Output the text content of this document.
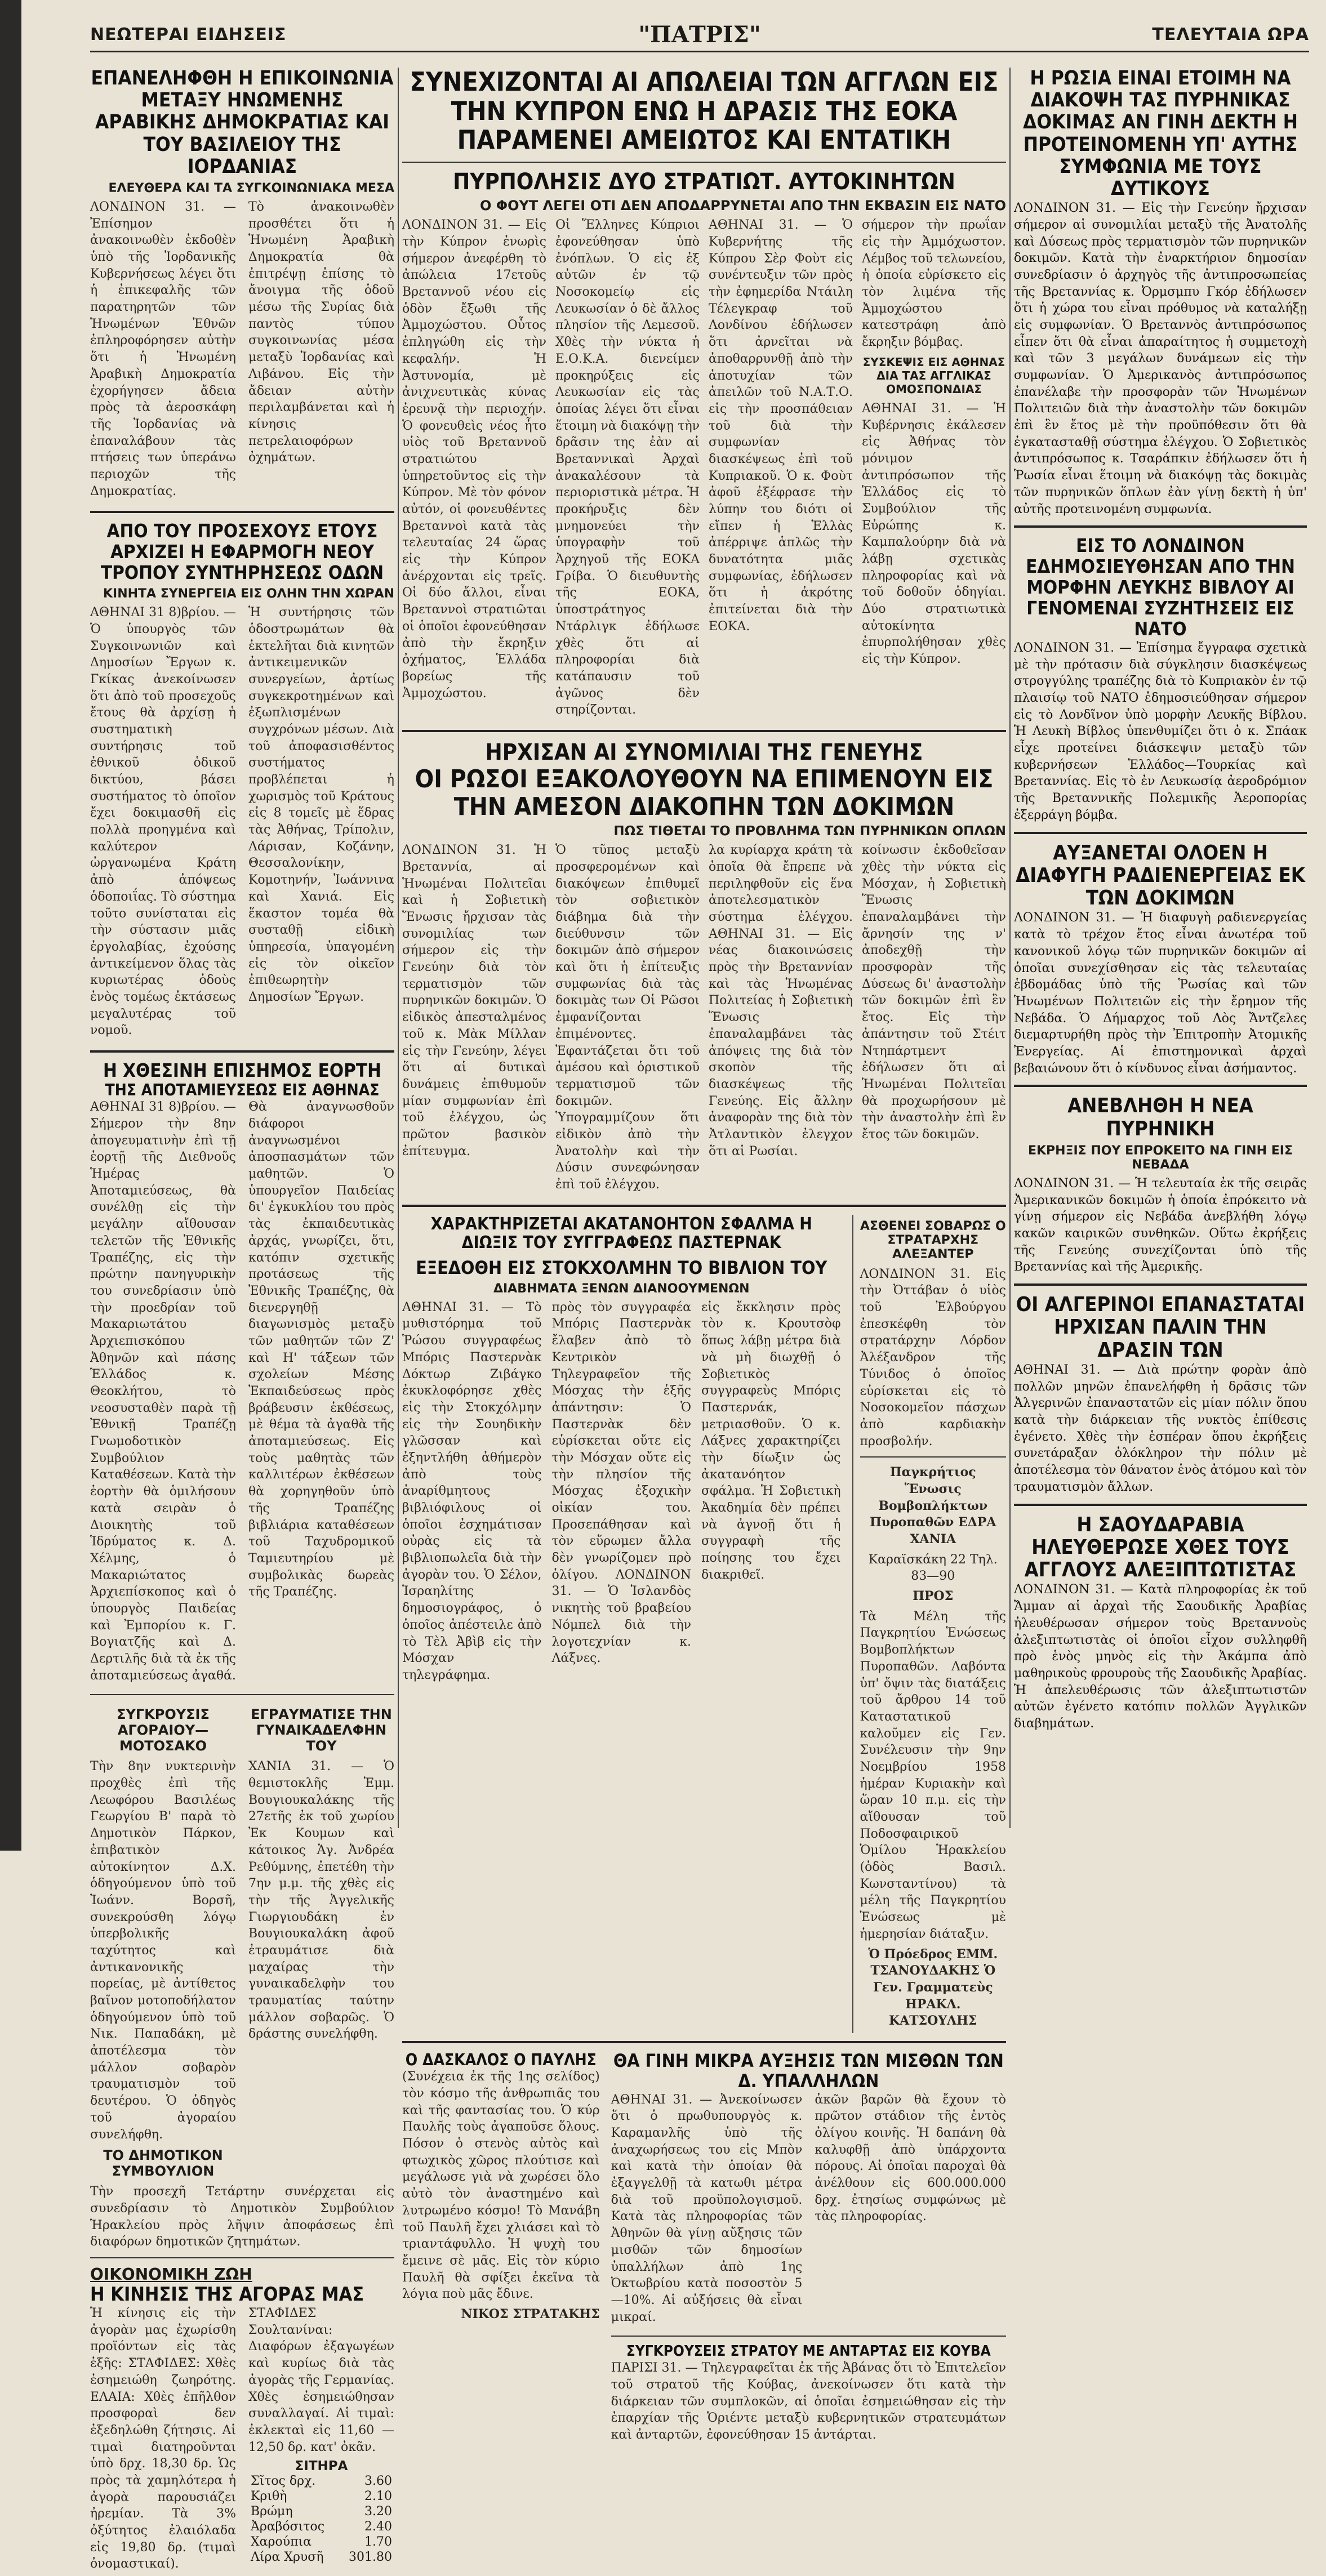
ΝΕΩΤΕΡΑΙ ΕΙΔΗΣΕΙΣ	"ΠΑΤΡΙΣ"	ΤΕΛΕΥΤΑΙΑ ΩΡΑ
ΕΠΑΝΕΛΗΦΘΗ Η ΕΠΙΚΟΙΝΩΝΙΑ ΜΕΤΑΞΥ ΗΝΩΜΕΝΗΣ ΑΡΑΒΙΚΗΣ ΔΗΜΟΚΡΑΤΙΑΣ ΚΑΙ ΤΟΥ ΒΑΣΙΛΕΙΟΥ ΤΗΣ ΙΟΡΔΑΝΙΑΣ
ΕΛΕΥΘΕΡΑ ΚΑΙ ΤΑ ΣΥΓΚΟΙΝΩΝΙΑΚΑ ΜΕΣΑ

ΛΟΝΔΙΝΟΝ 31. — Ἐπίσημον ἀνακοινωθὲν ἐκδοθὲν ὑπὸ τῆς Ἰορδανικῆς Κυβερνήσεως λέγει ὅτι ἡ ἐπικεφαλῆς τῶν παρατηρητῶν τῶν Ἡνωμένων Ἐθνῶν ἐπληροφόρησεν αὐτὴν ὅτι ἡ Ἡνωμένη Ἀραβικὴ Δημοκρατία ἐχορήγησεν ἄδεια πρὸς τὰ ἀεροσκάφη τῆς Ἰορδανίας νὰ ἐπαναλάβουν τὰς πτήσεις των ὑπεράνω περιοχῶν τῆς Δημοκρατίας.

Τὸ ἀνακοινωθὲν προσθέτει ὅτι ἡ Ἡνωμένη Ἀραβικὴ Δημοκρατία θὰ ἐπιτρέψῃ ἐπίσης τὸ ἄνοιγμα τῆς ὁδοῦ μέσω τῆς Συρίας διὰ παντὸς τύπου συγκοινωνίας μέσα μεταξὺ Ἰορδανίας καὶ Λιβάνου. Εἰς τὴν ἄδειαν αὐτὴν περιλαμβάνεται καὶ ἡ κίνησις πετρελαιοφόρων ὀχημάτων.

ΑΠΟ ΤΟΥ ΠΡΟΣΕΧΟΥΣ ΕΤΟΥΣ ΑΡΧΙΖΕΙ Η ΕΦΑΡΜΟΓΗ ΝΕΟΥ ΤΡΟΠΟΥ ΣΥΝΤΗΡΗΣΕΩΣ ΟΔΩΝ
ΚΙΝΗΤΑ ΣΥΝΕΡΓΕΙΑ ΕΙΣ ΟΛΗΝ ΤΗΝ ΧΩΡΑΝ

ΑΘΗΝΑΙ 31 8)βρίου. — Ὁ ὑπουργὸς τῶν Συγκοινωνιῶν καὶ Δημοσίων Ἔργων κ. Γκίκας ἀνεκοίνωσεν ὅτι ἀπὸ τοῦ προσεχοῦς ἔτους θὰ ἀρχίσῃ ἡ συστηματικὴ συντήρησις τοῦ ἐθνικοῦ ὁδικοῦ δικτύου, βάσει συστήματος τὸ ὁποῖον ἔχει δοκιμασθῆ εἰς πολλὰ προηγμένα καὶ καλύτερον ὠργανωμένα Κράτη ἀπὸ ἀπόψεως ὁδοποιΐας. Τὸ σύστημα τοῦτο συνίσταται εἰς τὴν σύστασιν μιᾶς ἐργολαβίας, ἐχούσης ἀντικείμενον ὅλας τὰς κυριωτέρας ὁδοὺς ἑνὸς τομέως ἐκτάσεως μεγαλυτέρας τοῦ νομοῦ.

Ἡ συντήρησις τῶν ὁδοστρωμάτων θὰ ἐκτελῆται διὰ κινητῶν ἀντικειμενικῶν συνεργείων, ἀρτίως συγκεκροτημένων καὶ ἐξωπλισμένων συγχρόνων μέσων. Διὰ τοῦ ἀποφασισθέντος συστήματος προβλέπεται ἡ χωρισμὸς τοῦ Κράτους εἰς 8 τομεῖς μὲ ἕδρας τὰς Ἀθήνας, Τρίπολιν, Λάρισαν, Κοζάνην, Θεσσαλονίκην, Κομοτηνήν, Ἰωάννινα καὶ Χανιά. Εἰς ἕκαστον τομέα θὰ συσταθῇ εἰδικὴ ὑπηρεσία, ὑπαγομένη εἰς τὸν οἰκεῖον ἐπιθεωρητὴν Δημοσίων Ἔργων.

Η ΧΘΕΣΙΝΗ ΕΠΙΣΗΜΟΣ ΕΟΡΤΗ
ΤΗΣ ΑΠΟΤΑΜΙΕΥΣΕΩΣ ΕΙΣ ΑΘΗΝΑΣ

ΑΘΗΝΑΙ 31 8)βρίου. — Σήμερον τὴν 8ην ἀπογευματινὴν ἐπὶ τῇ ἑορτῇ τῆς Διεθνοῦς Ἡμέρας Ἀποταμιεύσεως, θὰ συνέλθῃ εἰς τὴν μεγάλην αἴθουσαν τελετῶν τῆς Ἐθνικῆς Τραπέζης, εἰς τὴν πρώτην πανηγυρικὴν του συνεδρίασιν ὑπὸ τὴν προεδρίαν τοῦ Μακαριωτάτου Ἀρχιεπισκόπου Ἀθηνῶν καὶ πάσης Ἑλλάδος κ. Θεοκλήτου, τὸ νεοσυσταθὲν παρὰ τῇ Ἐθνικῇ Τραπέζῃ Γνωμοδοτικὸν Συμβούλιον Καταθέσεων. Κατὰ τὴν ἑορτὴν θὰ ὁμιλήσουν κατὰ σειρὰν ὁ Διοικητὴς τοῦ Ἱδρύματος κ. Δ. Χέλμης, ὁ Μακαριώτατος Ἀρχιεπίσκοπος καὶ ὁ ὑπουργὸς Παιδείας καὶ Ἐμπορίου κ. Γ. Βογιατζῆς καὶ Δ. Δερτιλῆς διὰ τὰ ἐκ τῆς ἀποταμιεύσεως ἀγαθά.

Θὰ ἀναγνωσθοῦν διάφοροι ἀναγνωσμένοι ἀποσπασμάτων τῶν μαθητῶν. Ὁ ὑπουργεῖον Παιδείας δι' ἐγκυκλίου του πρὸς τὰς ἐκπαιδευτικὰς ἀρχάς, γνωρίζει, ὅτι, κατόπιν σχετικῆς προτάσεως τῆς Ἐθνικῆς Τραπέζης, θὰ διενεργηθῇ διαγωνισμὸς μεταξὺ τῶν μαθητῶν τῶν Ζ' καὶ Η' τάξεων τῶν σχολείων Μέσης Ἐκπαιδεύσεως πρὸς βράβευσιν ἐκθέσεως, μὲ θέμα τὰ ἀγαθὰ τῆς ἀποταμιεύσεως. Εἰς τοὺς μαθητὰς τῶν καλλιτέρων ἐκθέσεων θὰ χορηγηθοῦν ὑπὸ τῆς Τραπέζης βιβλιάρια καταθέσεων τοῦ Ταχυδρομικοῦ Ταμιευτηρίου μὲ συμβολικὰς δωρεὰς τῆς Τραπέζης.

ΣΥΓΚΡΟΥΣΙΣ ΑΓΟΡΑΙΟΥ—ΜΟΤΟΣΑΚΟ

Τὴν 8ην νυκτερινὴν προχθὲς ἐπὶ τῆς Λεωφόρου Βασιλέως Γεωργίου Β' παρὰ τὸ Δημοτικὸν Πάρκον, ἐπιβατικὸν αὐτοκίνητον Δ.Χ. ὁδηγούμενον ὑπὸ τοῦ Ἰωάνν. Βορσῆ, συνεκρούσθη λόγῳ ὑπερβολικῆς ταχύτητος καὶ ἀντικανονικῆς πορείας, μὲ ἀντίθετος βαῖνον μοτοποδήλατον ὁδηγούμενον ὑπὸ τοῦ Νικ. Παπαδάκη, μὲ ἀποτέλεσμα τὸν μάλλον σοβαρὸν τραυματισμὸν τοῦ δευτέρου. Ὁ ὁδηγὸς τοῦ ἀγοραίου συνελήφθη.

ΤΟ ΔΗΜΟΤΙΚΟΝ ΣΥΜΒΟΥΛΙΟΝ
ΕΓΡΑΥΜΑΤΙΣΕ ΤΗΝ ΓΥΝΑΙΚΑΔΕΛΦΗΝ ΤΟΥ

ΧΑΝΙΑ 31. — Ὁ θεμιστοκλῆς Ἐμμ. Βουγιουκαλάκης τῆς 27ετῆς ἐκ τοῦ χωρίου Ἐκ Κουμων καὶ κάτοικος Ἁγ. Ἀνδρέα Ρεθύμνης, ἐπετέθη τὴν 7ην μ.μ. τῆς χθὲς εἰς τὴν τῆς Ἀγγελικῆς Γιωργιουδάκη ἐν Βουγιουκαλάκη ἀφοῦ ἐτραυμάτισε διὰ μαχαίρας τὴν γυναικαδελφὴν του τραυματίας ταύτην μάλλον σοβαρῶς. Ὁ δράστης συνελήφθη.

Τὴν προσεχῆ Τετάρτην συνέρχεται εἰς συνεδρίασιν τὸ Δημοτικὸν Συμβούλιον Ἡρακλείου πρὸς λῆψιν ἀποφάσεως ἐπὶ διαφόρων δημοτικῶν ζητημάτων.

ΟΙΚΟΝΟΜΙΚΗ ΖΩΗ
Η ΚΙΝΗΣΙΣ ΤΗΣ ΑΓΟΡΑΣ ΜΑΣ

Ἡ κίνησις εἰς τὴν ἀγορὰν μας ἐχωρίσθη προϊόντων εἰς τὰς ἑξῆς: ΣΤΑΦΙΔΕΣ: Χθὲς ἐσημειώθη ζωηρότης. ΕΛΑΙΑ: Χθὲς ἐπῆλθον προσφοραὶ δεν ἐξεδηλώθη ζήτησις. Αἱ τιμαὶ διατηροῦνται ὑπὸ δρχ. 18,30 δρ. Ὡς πρὸς τὰ χαμηλότερα ἡ ἀγορὰ παρουσιάζει ἠρεμίαν. Τὰ 3% ὀξύτητος ἐλαιόλαδα εἰς 19,80 δρ. (τιμαὶ ὀνομαστικαί).

ΣΤΑΦΙΔΕΣ Σουλτανίναι: Διαφόρων ἐξαγωγέων καὶ κυρίως διὰ τὰς ἀγορὰς τῆς Γερμανίας. Χθὲς ἐσημειώθησαν συναλλαγαί. Αἱ τιμαὶ: ἐκλεκταὶ εἰς 11,60 — 12,50 δρ. κατ' ὀκᾶν.

ΣΙΤΗΡΑ
Σῖτος δρχ.	3.60
Κριθὴ	2.10
Βρώμη	3.20
Ἀραβόσιτος	2.40
Χαρούπια	1.70
Λίρα Χρυσῆ	301.80
ΣΥΝΕΧΙΖΟΝΤΑΙ ΑΙ ΑΠΩΛΕΙΑΙ ΤΩΝ ΑΓΓΛΩΝ ΕΙΣ ΤΗΝ ΚΥΠΡΟΝ ΕΝΩ Η ΔΡΑΣΙΣ ΤΗΣ ΕΟΚΑ ΠΑΡΑΜΕΝΕΙ ΑΜΕΙΩΤΟΣ ΚΑΙ ΕΝΤΑΤΙΚΗ
ΠΥΡΠΟΛΗΣΙΣ ΔΥΟ ΣΤΡΑΤΙΩΤ. ΑΥΤΟΚΙΝΗΤΩΝ
Ο ΦΟΥΤ ΛΕΓΕΙ ΟΤΙ ΔΕΝ ΑΠΟΔΑΡΡΥΝΕΤΑΙ ΑΠΟ ΤΗΝ ΕΚΒΑΣΙΝ ΕΙΣ ΝΑΤΟ

ΛΟΝΔΙΝΟΝ 31. — Εἰς τὴν Κύπρον ἐνωρὶς σήμερον ἀνεφέρθη τὸ ἀπώλεια 17ετοῦς Βρεταννοῦ νέου εἰς ὁδὸν ἔξωθι τῆς Ἀμμοχώστου. Οὗτος ἐπληγώθη εἰς τὴν κεφαλήν. Ἡ Ἀστυνομία, μὲ ἀνιχνευτικὰς κύνας ἐρευνᾷ τὴν περιοχήν. Ὁ φονευθεὶς νέος ἦτο υἱὸς τοῦ Βρεταννοῦ στρατιώτου ὑπηρετοῦντος εἰς τὴν Κύπρον. Μὲ τὸν φόνον αὐτόν, οἱ φονευθέντες Βρεταννοὶ κατὰ τὰς τελευταίας 24 ὥρας εἰς τὴν Κύπρον ἀνέρχονται εἰς τρεῖς. Οἱ δύο ἄλλοι, εἶναι Βρεταννοὶ στρατιῶται οἱ ὁποῖοι ἐφονεύθησαν ἀπὸ τὴν ἔκρηξιν ὀχήματος, Ἑλλάδα βορείως τῆς Ἀμμοχώστου.

Οἱ Ἕλληνες Κύπριοι ἐφονεύθησαν ὑπὸ ἐνόπλων. Ὁ εἰς ἐξ αὐτῶν ἐν τῷ Νοσοκομείῳ εἰς Λευκωσίαν ὁ δὲ ἄλλος πλησίον τῆς Λεμεσοῦ. Χθὲς τὴν νύκτα ἡ Ε.Ο.Κ.Α. διενείμεν προκηρύξεις εἰς Λευκωσίαν εἰς τὰς ὁποίας λέγει ὅτι εἶναι ἕτοιμη νὰ διακόψῃ τὴν δρᾶσιν της ἐὰν αἱ Βρεταννικαὶ Ἀρχαὶ ἀνακαλέσουν τὰ περιοριστικὰ μέτρα. Ἡ προκήρυξις δὲν μνημονεύει τὴν ὑπογραφὴν τοῦ Ἀρχηγοῦ τῆς ΕΟΚΑ Γρίβα. Ὁ διευθυντὴς τῆς ΕΟΚΑ, ὑποστράτηγος Ντάρλιγκ ἐδήλωσε χθὲς ὅτι αἱ πληροφορίαι διὰ κατάπαυσιν τοῦ ἀγῶνος δὲν στηρίζονται.

ΑΘΗΝΑΙ 31. — Ὁ Κυβερνήτης τῆς Κύπρου Σὲρ Φοὺτ εἰς συνέντευξιν τῶν πρὸς τὴν ἐφημερίδα Ντάιλη Τέλεγκραφ τοῦ Λονδίνου ἐδήλωσεν ὅτι ἀρνεῖται νὰ ἀποθαρρυνθῇ ἀπὸ τὴν ἀποτυχίαν τῶν ἀπειλῶν τοῦ Ν.Α.Τ.Ο. εἰς τὴν προσπάθειαν τοῦ διὰ τὴν συμφωνίαν διασκέψεως ἐπὶ τοῦ Κυπριακοῦ. Ὁ κ. Φοὺτ ἀφοῦ ἐξέφρασε τὴν λύπην του διότι οἱ εἴπεν ἡ Ἑλλὰς ἀπέρριψε ἁπλῶς τὴν δυνατότητα μιᾶς συμφωνίας, ἐδήλωσεν ὅτι ἡ ἀκρότης ἐπιτείνεται διὰ τὴν ΕΟΚΑ.

σήμερον τὴν πρωΐαν εἰς τὴν Ἀμμόχωστον. Λέμβος τοῦ τελωνείου, ἡ ὁποία εὑρίσκετο εἰς τὸν λιμένα τῆς Ἀμμοχώστου κατεστράφη ἀπὸ ἔκρηξιν βόμβας.

ΣΥΣΚΕΨΙΣ ΕΙΣ ΑΘΗΝΑΣ ΔΙΑ ΤΑΣ ΑΓΓΛΙΚΑΣ ΟΜΟΣΠΟΝΔΙΑΣ

ΑΘΗΝΑΙ 31. — Ἡ Κυβέρνησις ἐκάλεσεν εἰς Ἀθήνας τὸν μόνιμον ἀντιπρόσωπον τῆς Ἑλλάδος εἰς τὸ Συμβούλιον τῆς Εὐρώπης κ. Καμπαλούρην διὰ νὰ λάβῃ σχετικὰς πληροφορίας καὶ νὰ τοῦ δοθοῦν ὁδηγίαι. Δύο στρατιωτικὰ αὐτοκίνητα ἐπυρπολήθησαν χθὲς εἰς τὴν Κύπρον.

ΗΡΧΙΣΑΝ ΑΙ ΣΥΝΟΜΙΛΙΑΙ ΤΗΣ ΓΕΝΕΥΗΣ
ΟΙ ΡΩΣΟΙ ΕΞΑΚΟΛΟΥΘΟΥΝ ΝΑ ΕΠΙΜΕΝΟΥΝ ΕΙΣ ΤΗΝ ΑΜΕΣΟΝ ΔΙΑΚΟΠΗΝ ΤΩΝ ΔΟΚΙΜΩΝ
ΠΩΣ ΤΙΘΕΤΑΙ ΤΟ ΠΡΟΒΛΗΜΑ ΤΩΝ ΠΥΡΗΝΙΚΩΝ ΟΠΛΩΝ

ΛΟΝΔΙΝΟΝ 31. Ἡ Βρεταννία, αἱ Ἡνωμέναι Πολιτεῖαι καὶ ἡ Σοβιετικὴ Ἕνωσις ἤρχισαν τὰς συνομιλίας των σήμερον εἰς τὴν Γενεύην διὰ τὸν τερματισμὸν τῶν πυρηνικῶν δοκιμῶν. Ὁ εἰδικὸς ἀπεσταλμένος τοῦ κ. Μὰκ Μίλλαν εἰς τὴν Γενεύην, λέγει ὅτι αἱ δυτικαὶ δυνάμεις ἐπιθυμοῦν μίαν συμφωνίαν ἐπὶ τοῦ ἐλέγχου, ὡς πρῶτον βασικὸν ἐπίτευγμα.

Ὁ τῦπος μεταξὺ προσφερομένων καὶ διακόψεων ἐπιθυμεῖ τὸν σοβιετικὸν διάβημα διὰ τὴν διεύθυνσιν τῶν δοκιμῶν ἀπὸ σήμερον καὶ ὅτι ἡ ἐπίτευξις συμφωνίας διὰ τὰς δοκιμὰς των Οἱ Ρῶσοι ἐμφανίζονται ἐπιμένοντες. Ἐφαντάζεται ὅτι τοῦ ἀμέσου καὶ ὁριστικοῦ τερματισμοῦ τῶν δοκιμῶν. Ὑπογραμμίζουν ὅτι εἰδικὸν ἀπὸ τὴν Ἀνατολὴν καὶ τὴν Δύσιν συνεφώνησαν ἐπὶ τοῦ ἐλέγχου.

λα κυρίαρχα κράτη τὰ ὁποῖα θὰ ἔπρεπε νὰ περιληφθοῦν εἰς ἕνα ἀποτελεσματικὸν σύστημα ἐλέγχου. ΑΘΗΝΑΙ 31. — Εἰς νέας διακοινώσεις πρὸς τὴν Βρεταννίαν καὶ τὰς Ἡνωμένας Πολιτείας ἡ Σοβιετικὴ Ἕνωσις ἐπαναλαμβάνει τὰς ἀπόψεις της διὰ τὸν σκοπὸν τῆς διασκέψεως τῆς Γενεύης. Εἰς ἄλλην ἀναφορὰν της διὰ τὸν Ἀτλαντικὸν ἐλεγχον ὅτι αἱ Ρωσίαι.

κοίνωσιν ἐκδοθεῖσαν χθὲς τὴν νύκτα εἰς Μόσχαν, ἡ Σοβιετικὴ Ἕνωσις ἐπαναλαμβάνει τὴν ἄρνησίν της ν' ἀποδεχθῇ τὴν προσφορὰν τῆς Δύσεως δι' ἀναστολὴν τῶν δοκιμῶν ἐπὶ ἓν ἔτος. Εἰς τὴν ἀπάντησιν τοῦ Στέιτ Ντηπάρτμεντ ἐδήλωσεν ὅτι αἱ Ἡνωμέναι Πολιτεῖαι θὰ προχωρήσουν μὲ τὴν ἀναστολὴν ἐπὶ ἓν ἔτος τῶν δοκιμῶν.

ΧΑΡΑΚΤΗΡΙΖΕΤΑΙ ΑΚΑΤΑΝΟΗΤΟΝ ΣΦΑΛΜΑ Η ΔΙΩΞΙΣ ΤΟΥ ΣΥΓΓΡΑΦΕΩΣ ΠΑΣΤΕΡΝΑΚ
ΕΞΕΔΟΘΗ ΕΙΣ ΣΤΟΚΧΟΛΜΗΝ ΤΟ ΒΙΒΛΙΟΝ ΤΟΥ
ΔΙΑΒΗΜΑΤΑ ΞΕΝΩΝ ΔΙΑΝΟΟΥΜΕΝΩΝ

ΑΘΗΝΑΙ 31. — Τὸ μυθιστόρημα τοῦ Ῥώσου συγγραφέως Μπόρις Παστερνὰκ Δόκτωρ Ζιβάγκο ἐκυκλοφόρησε χθὲς εἰς τὴν Στοκχόλμην εἰς τὴν Σουηδικὴν γλῶσσαν καὶ ἐξηντλήθη ἀθήμερὸν ἀπὸ τοὺς ἀναρίθμητους βιβλιόφιλους οἱ ὁποῖοι ἐσχημάτισαν οὐρὰς εἰς τὰ βιβλιοπωλεῖα διὰ τὴν ἀγορὰν του. Ὁ Σέλον, Ἱσραηλίτης δημοσιογράφος, ὁ ὁποῖος ἀπέστειλε ἀπὸ τὸ Τὲλ Ἀβὶβ εἰς τὴν Μόσχαν τηλεγράφημα.

πρὸς τὸν συγγραφέα Μπόρις Παστερνὰκ ἔλαβεν ἀπὸ τὸ Κεντρικὸν Τηλεγραφεῖον τῆς Μόσχας τὴν ἑξῆς ἀπάντησιν: Ὁ Παστερνὰκ δὲν εὑρίσκεται οὔτε εἰς τὴν Μόσχαν οὔτε εἰς τὴν πλησίον τῆς Μόσχας ἐξοχικὴν οἰκίαν του. Προσεπάθησαν καὶ τὸν εὕρωμεν ἄλλα δὲν γνωρίζομεν πρὸ ὁλίγου. ΛΟΝΔΙΝΟΝ 31. — Ὁ Ἰσλανδὸς νικητὴς τοῦ βραβείου Νόμπελ διὰ τὴν λογοτεχνίαν κ. Λάξνες.

εἰς ἔκκλησιν πρὸς τὸν κ. Κρουτσὸφ ὅπως λάβῃ μέτρα διὰ νὰ μὴ διωχθῇ ὁ Σοβιετικὸς συγγραφεὺς Μπόρις Παστερνάκ, μετριασθοῦν. Ὁ κ. Λάξνες χαρακτηρίζει τὴν δίωξιν ὡς ἀκατανόητον σφάλμα. Ἡ Σοβιετικὴ Ἀκαδημία δὲν πρέπει νὰ ἀγνοῇ ὅτι ἡ συγγραφὴ τῆς ποίησης του ἔχει διακριθεῖ.

ΑΣΘΕΝΕΙ ΣΟΒΑΡΩΣ Ο ΣΤΡΑΤΑΡΧΗΣ ΑΛΕΞΑΝΤΕΡ

ΛΟΝΔΙΝΟΝ 31. Εἰς τὴν Ὀττάβαν ὁ υἱὸς τοῦ Ἐλβούργου ἐπεσκέφθη τὸν στρατάρχην Λόρδον Ἀλέξανδρον τῆς Τύνιδος ὁ ὁποῖος εὑρίσκεται εἰς τὸ Νοσοκομεῖον πάσχων ἀπὸ καρδιακὴν προσβολήν.

Παγκρήτιος Ἕνωσις Βομβοπλήκτων Πυροπαθῶν ΕΔΡΑ ΧΑΝΙΑ

Καραϊσκάκη 22 Τηλ. 83—90

ΠΡΟΣ

Τὰ Μέλη τῆς Παγκρητίου Ἑνώσεως Βομβοπλήκτων Πυροπαθῶν. Λαβόντα ὑπ' ὄψιν τὰς διατάξεις τοῦ ἄρθρου 14 τοῦ Καταστατικοῦ καλοῦμεν εἰς Γεν. Συνέλευσιν τὴν 9ην Νοεμβρίου 1958 ἡμέραν Κυριακὴν καὶ ὥραν 10 π.μ. εἰς τὴν αἴθουσαν τοῦ Ποδοσφαιρικοῦ Ὁμίλου Ἡρακλείου (ὁδὸς Βασιλ. Κωνσταντίνου) τὰ μέλη τῆς Παγκρητίου Ἑνώσεως μὲ ἡμερησίαν διάταξιν.

Ὁ Πρόεδρος ΕΜΜ. ΤΣΑΝΟΥΔΑΚΗΣ Ὁ Γεν. Γραμματεὺς ΗΡΑΚΛ. ΚΑΤΣΟΥΛΗΣ

Ο ΔΑΣΚΑΛΟΣ Ο ΠΑΥΛΗΣ

(Συνέχεια ἐκ τῆς 1ης σελίδος) τὸν κόσμο τῆς ἀνθρωπιᾶς του καὶ τῆς φαντασίας του. Ὁ κύρ Παυλῆς τοὺς ἀγαποῦσε ὅλους. Πόσον ὁ στενὸς αὐτὸς καὶ φτωχικὸς χῶρος πλούτισε καὶ μεγάλωσε γιὰ νὰ χωρέσει ὅλο αὐτὸ τὸν ἀναστημένο καὶ λυτρωμένο κόσμο! Τὸ Μανάβη τοῦ Παυλῆ ἔχει χλιάσει καὶ τὸ τριαντάφυλλο. Ἡ ψυχὴ του ἔμεινε σὲ μᾶς. Εἰς τὸν κύριο Παυλῆ θὰ σφίξει ἐκεῖνα τὰ λόγια ποὺ μᾶς ἔδινε.

ΝΙΚΟΣ ΣΤΡΑΤΑΚΗΣ

ΘΑ ΓΙΝΗ ΜΙΚΡΑ ΑΥΞΗΣΙΣ ΤΩΝ ΜΙΣΘΩΝ ΤΩΝ Δ. ΥΠΑΛΛΗΛΩΝ

ΑΘΗΝΑΙ 31. — Ἀνεκοίνωσεν ὅτι ὁ πρωθυπουργὸς κ. Καραμανλῆς ὑπὸ τῆς ἀναχωρήσεως του εἰς Μπὸν καὶ κατὰ τὴν ὁποίαν θὰ ἐξαγγελθῇ τὰ κατωθι μέτρα διὰ τοῦ προϋπολογισμοῦ. Κατὰ τὰς πληροφορίας τῶν Ἀθηνῶν θὰ γίνῃ αὔξησις τῶν μισθῶν τῶν δημοσίων ὑπαλλήλων ἀπὸ 1ης Ὀκτωβρίου κατὰ ποσοστὸν 5—10%. Αἱ αὐξήσεις θὰ εἶναι μικραί.

ἀκῶν βαρῶν θὰ ἔχουν τὸ πρῶτον στάδιον τῆς ἐντὸς ὀλίγου κοινῆς. Ἡ δαπάνη θὰ καλυφθῇ ἀπὸ ὑπάρχοντα πόρους. Αἱ ὁποῖαι παροχαὶ θὰ ἀνέλθουν εἰς 600.000.000 δρχ. ἐτησίως συμφώνως μὲ τὰς πληροφορίας.

ΣΥΓΚΡΟΥΣΕΙΣ ΣΤΡΑΤΟΥ ΜΕ ΑΝΤΑΡΤΑΣ ΕΙΣ ΚΟΥΒΑ

ΠΑΡΙΣΙ 31. — Τηλεγραφεῖται ἐκ τῆς Ἀβάνας ὅτι τὸ Ἐπιτελεῖον τοῦ στρατοῦ τῆς Κούβας, ἀνεκοίνωσεν ὅτι κατὰ τὴν διάρκειαν τῶν συμπλοκῶν, αἱ ὁποῖαι ἐσημειώθησαν εἰς τὴν ἐπαρχίαν τῆς Ὁριέντε μεταξὺ κυβερνητικῶν στρατευμάτων καὶ ἀνταρτῶν, ἐφονεύθησαν 15 ἀντάρται.

Η ΡΩΣΙΑ ΕΙΝΑΙ ΕΤΟΙΜΗ ΝΑ ΔΙΑΚΟΨΗ ΤΑΣ ΠΥΡΗΝΙΚΑΣ ΔΟΚΙΜΑΣ ΑΝ ΓΙΝΗ ΔΕΚΤΗ Η ΠΡΟΤΕΙΝΟΜΕΝΗ ΥΠ' ΑΥΤΗΣ ΣΥΜΦΩΝΙΑ ΜΕ ΤΟΥΣ ΔΥΤΙΚΟΥΣ

ΛΟΝΔΙΝΟΝ 31. — Εἰς τὴν Γενεύην ἤρχισαν σήμερον αἱ συνομιλίαι μεταξὺ τῆς Ἀνατολῆς καὶ Δύσεως πρὸς τερματισμὸν τῶν πυρηνικῶν δοκιμῶν. Κατὰ τὴν ἐναρκτήριον δημοσίαν συνεδρίασιν ὁ ἀρχηγὸς τῆς ἀντιπροσωπείας τῆς Βρεταννίας κ. Ὀρμσμπυ Γκόρ ἐδήλωσεν ὅτι ἡ χώρα του εἶναι πρόθυμος νὰ καταλήξῃ εἰς συμφωνίαν. Ὁ Βρεταννὸς ἀντιπρόσωπος εἶπεν ὅτι θὰ εἶναι ἀπαραίτητος ἡ συμμετοχὴ καὶ τῶν 3 μεγάλων δυνάμεων εἰς τὴν συμφωνίαν. Ὁ Ἀμερικανὸς ἀντιπρόσωπος ἐπανέλαβε τὴν προσφορὰν τῶν Ἡνωμένων Πολιτειῶν διὰ τὴν ἀναστολὴν τῶν δοκιμῶν ἐπὶ ἓν ἔτος μὲ τὴν προϋπόθεσιν ὅτι θὰ ἐγκατασταθῇ σύστημα ἐλέγχου. Ὁ Σοβιετικὸς ἀντιπρόσωπος κ. Τσαράπκιν ἐδήλωσεν ὅτι ἡ Ῥωσία εἶναι ἕτοιμη νὰ διακόψῃ τὰς δοκιμὰς τῶν πυρηνικῶν ὅπλων ἐὰν γίνῃ δεκτὴ ἡ ὑπ' αὐτῆς προτεινομένη συμφωνία.

ΕΙΣ ΤΟ ΛΟΝΔΙΝΟΝ ΕΔΗΜΟΣΙΕΥΘΗΣΑΝ ΑΠΟ ΤΗΝ ΜΟΡΦΗΝ ΛΕΥΚΗΣ ΒΙΒΛΟΥ ΑΙ ΓΕΝΟΜΕΝΑΙ ΣΥΖΗΤΗΣΕΙΣ ΕΙΣ ΝΑΤΟ

ΛΟΝΔΙΝΟΝ 31. — Ἐπίσημα ἔγγραφα σχετικὰ μὲ τὴν πρότασιν διὰ σύγκλησιν διασκέψεως στρογγύλης τραπέζης διὰ τὸ Κυπριακὸν ἐν τῷ πλαισίῳ τοῦ ΝΑΤΟ ἐδημοσιεύθησαν σήμερον εἰς τὸ Λονδῖνον ὑπὸ μορφὴν Λευκῆς Βίβλου. Ἡ Λευκὴ Βίβλος ὑπενθυμίζει ὅτι ὁ κ. Σπάακ εἶχε προτείνει διάσκεψιν μεταξὺ τῶν κυβερνήσεων Ἑλλάδος—Τουρκίας καὶ Βρεταννίας. Εἰς τὸ ἐν Λευκωσίᾳ ἀεροδρόμιον τῆς Βρεταννικῆς Πολεμικῆς Ἀεροπορίας ἐξερράγη βόμβα.

ΑΥΞΑΝΕΤΑΙ ΟΛΟΕΝ Η ΔΙΑΦΥΓΗ ΡΑΔΙΕΝΕΡΓΕΙΑΣ ΕΚ ΤΩΝ ΔΟΚΙΜΩΝ

ΛΟΝΔΙΝΟΝ 31. — Ἡ διαφυγὴ ραδιενεργείας κατὰ τὸ τρέχον ἔτος εἶναι ἀνωτέρα τοῦ κανονικοῦ λόγῳ τῶν πυρηνικῶν δοκιμῶν αἱ ὁποῖαι συνεχίσθησαν εἰς τὰς τελευταίας ἑβδομάδας ὑπὸ τῆς Ῥωσίας καὶ τῶν Ἡνωμένων Πολιτειῶν εἰς τὴν ἔρημον τῆς Νεβάδα. Ὁ Δήμαρχος τοῦ Λὸς Ἄντζελες διεμαρτυρήθη πρὸς τὴν Ἐπιτροπὴν Ἀτομικῆς Ἐνεργείας. Αἱ ἐπιστημονικαὶ ἀρχαὶ βεβαιώνουν ὅτι ὁ κίνδυνος εἶναι ἀσήμαντος.

ΑΝΕΒΛΗΘΗ Η ΝΕΑ ΠΥΡΗΝΙΚΗ
ΕΚΡΗΞΙΣ ΠΟΥ ΕΠΡΟΚΕΙΤΟ ΝΑ ΓΙΝΗ ΕΙΣ ΝΕΒΑΔΑ

ΛΟΝΔΙΝΟΝ 31. — Ἡ τελευταία ἐκ τῆς σειρᾶς Ἀμερικανικῶν δοκιμῶν ἡ ὁποία ἐπρόκειτο νὰ γίνῃ σήμερον εἰς Νεβάδα ἀνεβλήθη λόγῳ κακῶν καιρικῶν συνθηκῶν. Οὕτω ἐκρήξεις τῆς Γενεύης συνεχίζονται ὑπὸ τῆς Βρεταννίας καὶ τῆς Ἀμερικῆς.

ΟΙ ΑΛΓΕΡΙΝΟΙ ΕΠΑΝΑΣΤΑΤΑΙ ΗΡΧΙΣΑΝ ΠΑΛΙΝ ΤΗΝ ΔΡΑΣΙΝ ΤΩΝ

ΑΘΗΝΑΙ 31. — Διὰ πρώτην φορὰν ἀπὸ πολλῶν μηνῶν ἐπανελήφθη ἡ δρᾶσις τῶν Ἀλγερινῶν ἐπαναστατῶν εἰς μίαν πόλιν ὅπου κατὰ τὴν διάρκειαν τῆς νυκτὸς ἐπίθεσις ἐγένετο. Χθὲς τὴν ἑσπέραν ὅπου ἐκρήξεις συνετάραξαν ὁλόκληρον τὴν πόλιν μὲ ἀποτέλεσμα τὸν θάνατον ἑνὸς ἀτόμου καὶ τὸν τραυματισμὸν ἄλλων.

Η ΣΑΟΥΔΑΡΑΒΙΑ ΗΛΕΥΘΕΡΩΣΕ ΧΘΕΣ ΤΟΥΣ ΑΓΓΛΟΥΣ ΑΛΕΞΙΠΤΩΤΙΣΤΑΣ

ΛΟΝΔΙΝΟΝ 31. — Κατὰ πληροφορίας ἐκ τοῦ Ἄμμαν αἱ ἀρχαὶ τῆς Σαουδικῆς Ἀραβίας ἠλευθέρωσαν σήμερον τοὺς Βρεταννοὺς ἀλεξιπτωτιστὰς οἱ ὁποῖοι εἶχον συλληφθῆ πρὸ ἑνὸς μηνὸς εἰς τὴν Ἀκάμπα ἀπὸ μαθηρικοὺς φρουροὺς τῆς Σαουδικῆς Ἀραβίας. Ἡ ἀπελευθέρωσις τῶν ἀλεξιπτωτιστῶν αὐτῶν ἐγένετο κατόπιν πολλῶν Ἀγγλικῶν διαβημάτων.
